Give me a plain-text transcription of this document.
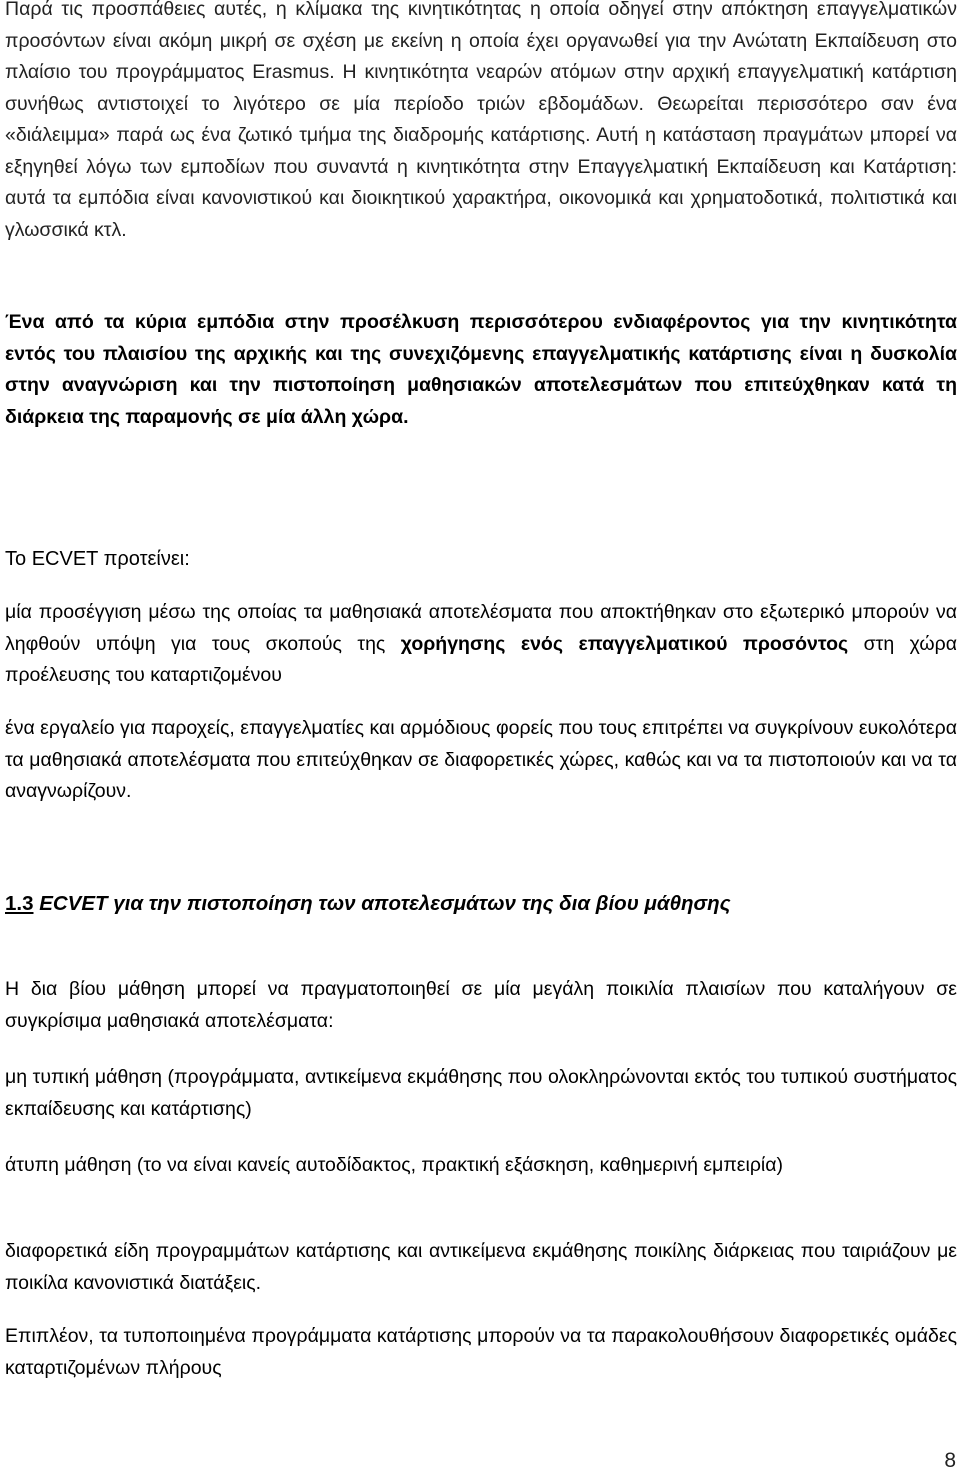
Παρά τις προσπάθειες αυτές, η κλίμακα της κινητικότητας η οποία οδηγεί στην απόκτηση επαγγελματικών προσόντων είναι ακόμη μικρή σε σχέση με εκείνη η οποία έχει οργανωθεί για την Ανώτατη Εκπαίδευση στο πλαίσιο του προγράμματος Erasmus. Η κινητικότητα νεαρών ατόμων στην αρχική επαγγελματική κατάρτιση συνήθως αντιστοιχεί το λιγότερο σε μία περίοδο τριών εβδομάδων. Θεωρείται περισσότερο σαν ένα «διάλειμμα» παρά ως ένα ζωτικό τμήμα της διαδρομής κατάρτισης. Αυτή η κατάσταση πραγμάτων μπορεί να εξηγηθεί λόγω των εμποδίων που συναντά η κινητικότητα στην Επαγγελματική Εκπαίδευση και Κατάρτιση: αυτά τα εμπόδια είναι κανονιστικού και διοικητικού χαρακτήρα, οικονομικά και χρηματοδοτικά, πολιτιστικά και γλωσσικά κτλ.

Ένα από τα κύρια εμπόδια στην προσέλκυση περισσότερου ενδιαφέροντος για την κινητικότητα εντός του πλαισίου της αρχικής και της συνεχιζόμενης επαγγελματικής κατάρτισης είναι η δυσκολία στην αναγνώριση και την πιστοποίηση μαθησιακών αποτελεσμάτων που επιτεύχθηκαν κατά τη διάρκεια της παραμονής σε μία άλλη χώρα.

Το ECVET προτείνει:

μία προσέγγιση μέσω της οποίας τα μαθησιακά αποτελέσματα που αποκτήθηκαν στο εξωτερικό μπορούν να ληφθούν υπόψη για τους σκοπούς της χορήγησης ενός επαγγελματικού προσόντος στη χώρα προέλευσης του καταρτιζομένου

ένα εργαλείο για παροχείς, επαγγελματίες και αρμόδιους φορείς που τους επιτρέπει να συγκρίνουν ευκολότερα τα μαθησιακά αποτελέσματα που επιτεύχθηκαν σε διαφορετικές χώρες, καθώς και να τα πιστοποιούν και να τα αναγνωρίζουν.

1.3 ECVET για την πιστοποίηση των αποτελεσμάτων της δια βίου μάθησης

Η δια βίου μάθηση μπορεί να πραγματοποιηθεί σε μία μεγάλη ποικιλία πλαισίων που καταλήγουν σε συγκρίσιμα μαθησιακά αποτελέσματα:

μη τυπική μάθηση (προγράμματα, αντικείμενα εκμάθησης που ολοκληρώνονται εκτός του τυπικού συστήματος εκπαίδευσης και κατάρτισης)

άτυπη μάθηση (το να είναι κανείς αυτοδίδακτος, πρακτική εξάσκηση, καθημερινή εμπειρία)

διαφορετικά είδη προγραμμάτων κατάρτισης και αντικείμενα εκμάθησης ποικίλης διάρκειας που ταιριάζουν με ποικίλα κανονιστικά διατάξεις.

Επιπλέον, τα τυποποιημένα προγράμματα κατάρτισης μπορούν να τα παρακολουθήσουν διαφορετικές ομάδες καταρτιζομένων πλήρους

8
